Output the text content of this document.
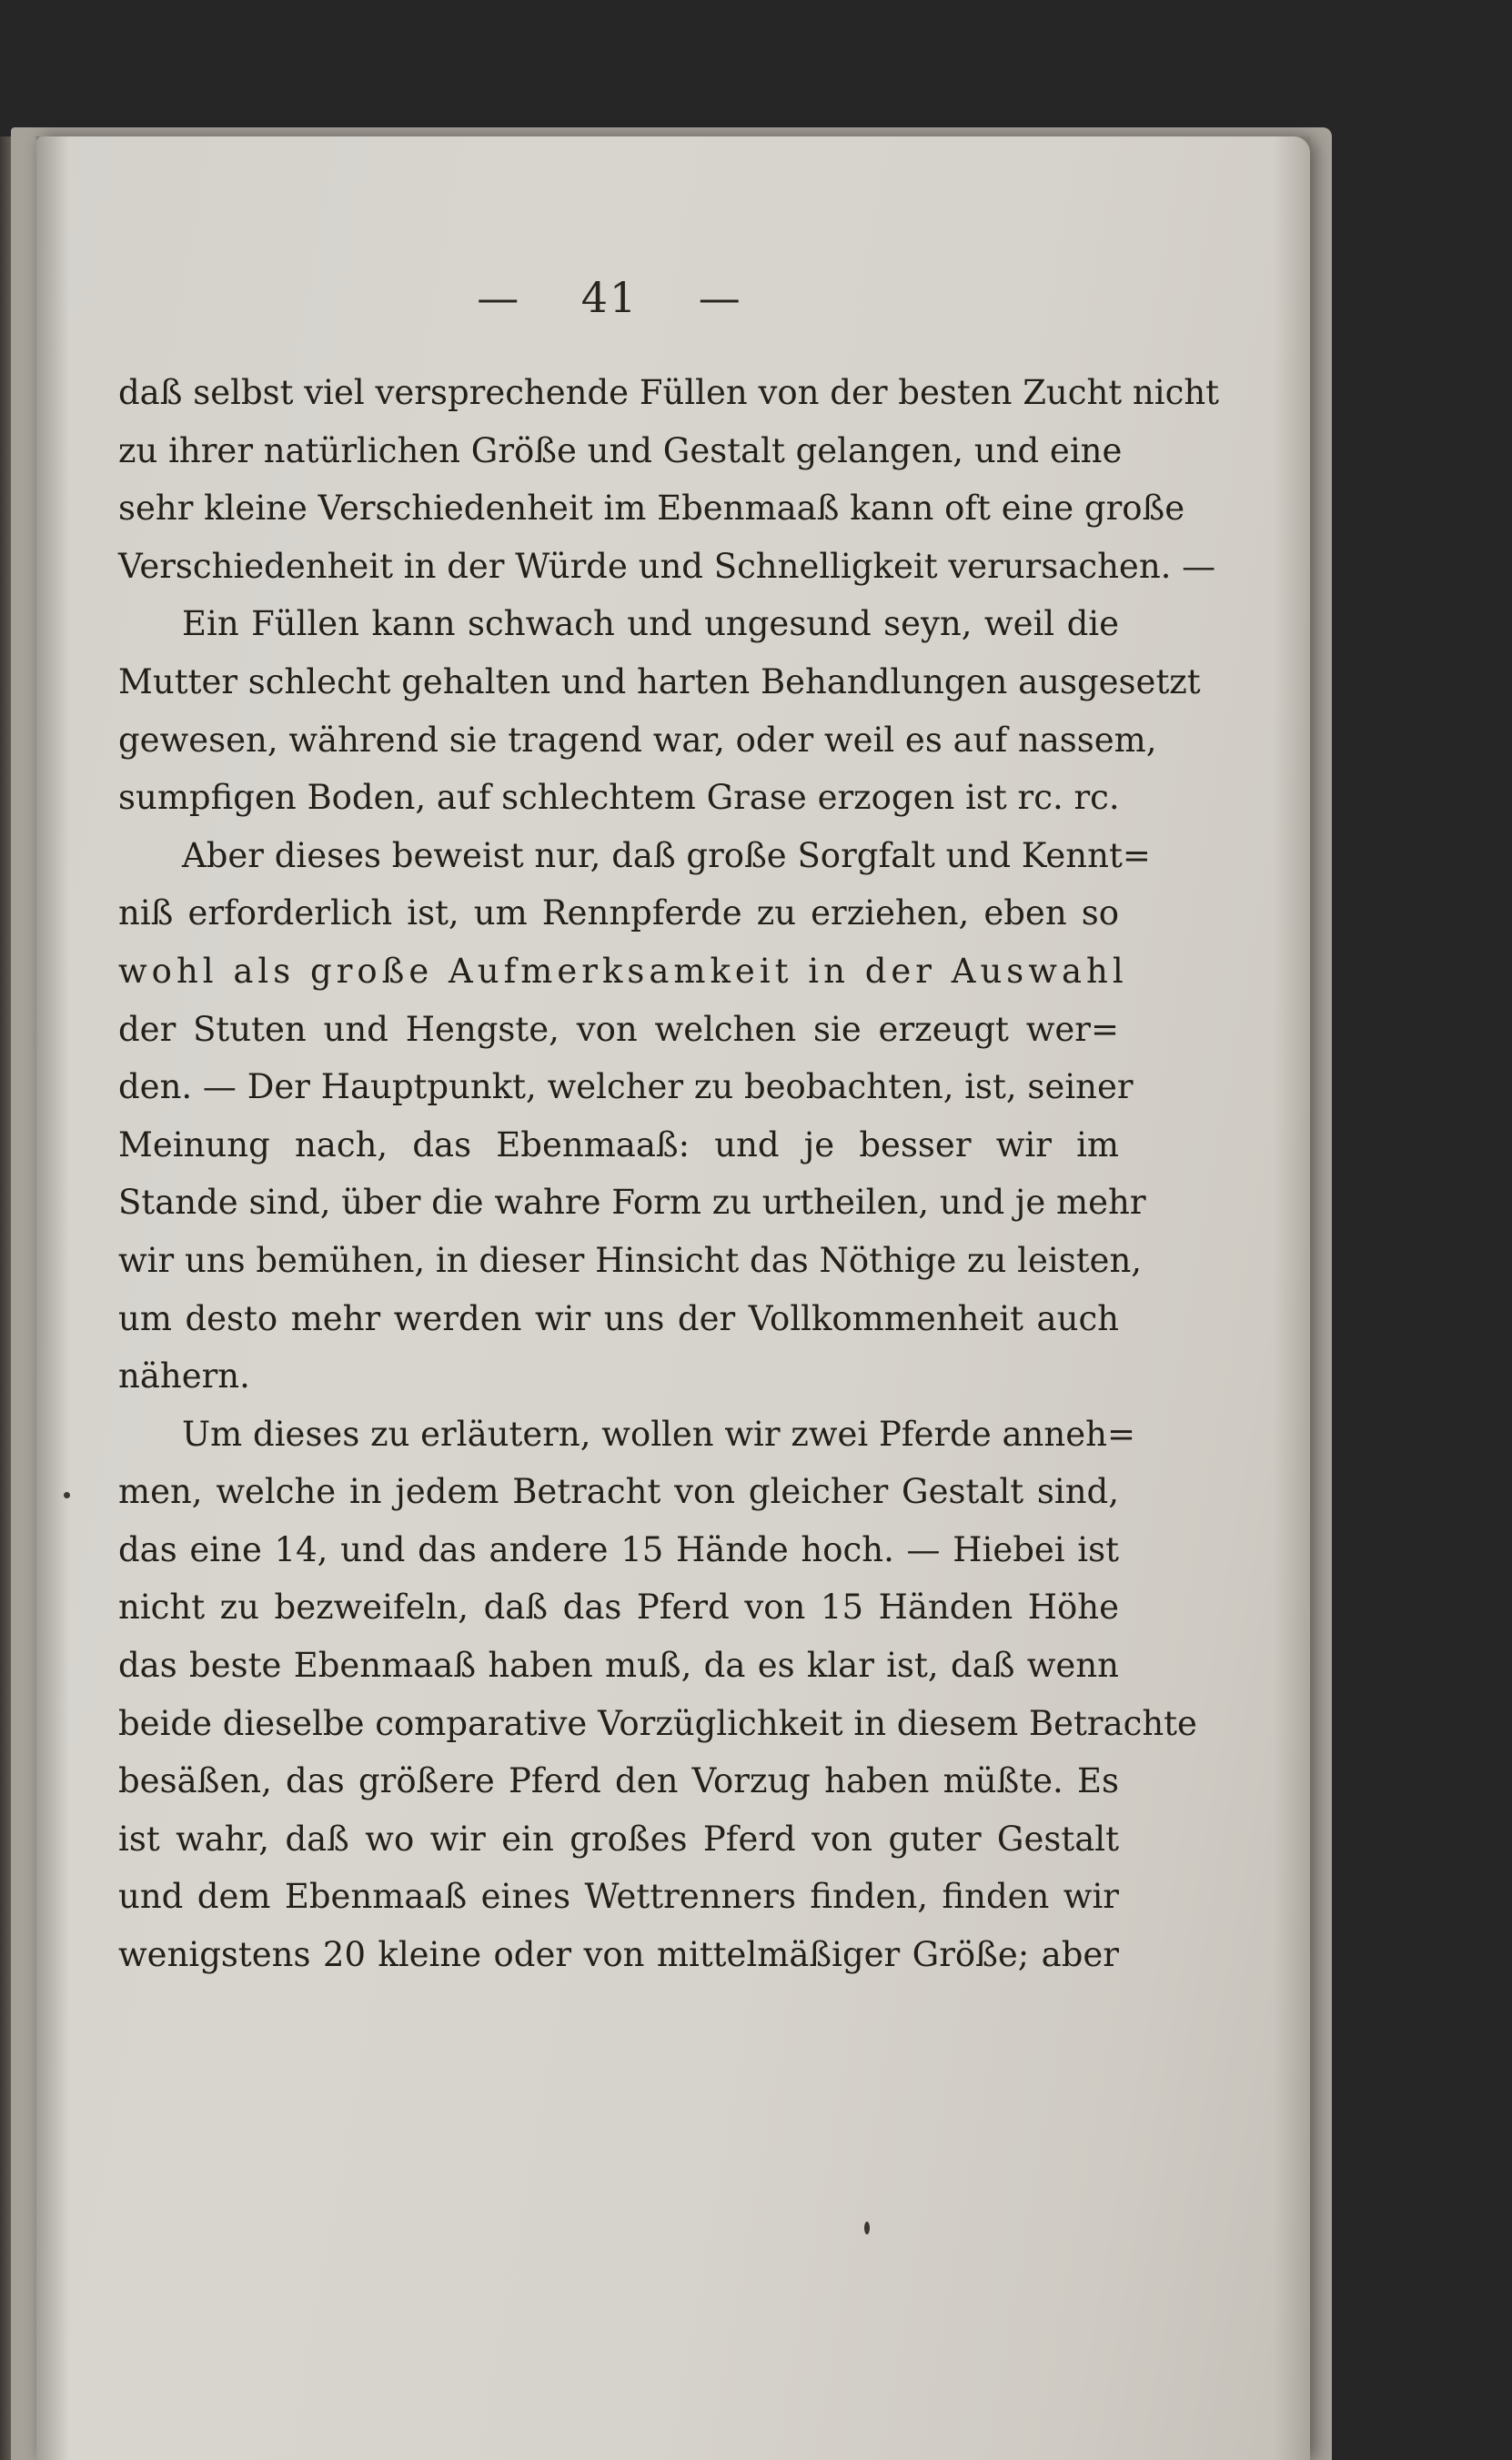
— 41 —
daß selbst viel versprechende Füllen von der besten Zucht nicht
zu ihrer natürlichen Größe und Gestalt gelangen, und eine
sehr kleine Verschiedenheit im Ebenmaaß kann oft eine große
Verschiedenheit in der Würde und Schnelligkeit verursachen. —
Ein Füllen kann schwach und ungesund seyn, weil die
Mutter schlecht gehalten und harten Behandlungen ausgesetzt
gewesen, während sie tragend war, oder weil es auf nassem,
sumpfigen Boden, auf schlechtem Grase erzogen ist rc. rc.
Aber dieses beweist nur, daß große Sorgfalt und Kennt=
niß erforderlich ist, um Rennpferde zu erziehen, eben so
wohl als große Aufmerksamkeit in der Auswahl
der Stuten und Hengste, von welchen sie erzeugt wer=
den. — Der Hauptpunkt, welcher zu beobachten, ist, seiner
Meinung nach, das Ebenmaaß: und je besser wir im
Stande sind, über die wahre Form zu urtheilen, und je mehr
wir uns bemühen, in dieser Hinsicht das Nöthige zu leisten,
um desto mehr werden wir uns der Vollkommenheit auch
nähern.
Um dieses zu erläutern, wollen wir zwei Pferde anneh=
men, welche in jedem Betracht von gleicher Gestalt sind,
das eine 14, und das andere 15 Hände hoch. — Hiebei ist
nicht zu bezweifeln, daß das Pferd von 15 Händen Höhe
das beste Ebenmaaß haben muß, da es klar ist, daß wenn
beide dieselbe comparative Vorzüglichkeit in diesem Betrachte
besäßen, das größere Pferd den Vorzug haben müßte. Es
ist wahr, daß wo wir ein großes Pferd von guter Gestalt
und dem Ebenmaaß eines Wettrenners finden, finden wir
wenigstens 20 kleine oder von mittelmäßiger Größe; aber
